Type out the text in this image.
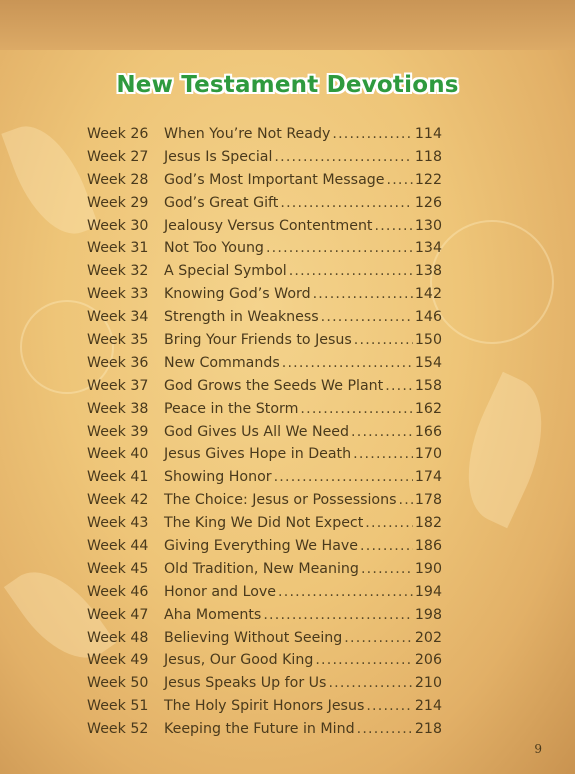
New Testament Devotions
Week 26	When You’re Not Ready .....	114
Week 27	Jesus Is Special .....	118
Week 28	God’s Most Important Message ..... 122
Week 29	God’s Great Gift .....	126
Week 30	Jealousy Versus Contentment .....	130
Week 31	Not Too Young .....	134
Week 32	A Special Symbol .....	138
Week 33	Knowing God’s Word .....	142
Week 34	Strength in Weakness .....	146
Week 35	Bring Your Friends to Jesus .....	150
Week 36	New Commands .....	154
Week 37	God Grows the Seeds We Plant ..... 158
Week 38	Peace in the Storm .....	162
Week 39	God Gives Us All We Need .....	166
Week 40	Jesus Gives Hope in Death .....	170
Week 41	Showing Honor .....	174
Week 42	The Choice: Jesus or Possessions ..... 178
Week 43	The King We Did Not Expect .....	182
Week 44	Giving Everything We Have .....	186
Week 45	Old Tradition, New Meaning .....	190
Week 46	Honor and Love .....	194
Week 47	Aha Moments .....	198
Week 48	Believing Without Seeing .....	202
Week 49	Jesus, Our Good King .....	206
Week 50	Jesus Speaks Up for Us .....	210
Week 51	The Holy Spirit Honors Jesus .....	214
Week 52	Keeping the Future in Mind .....	218
9
